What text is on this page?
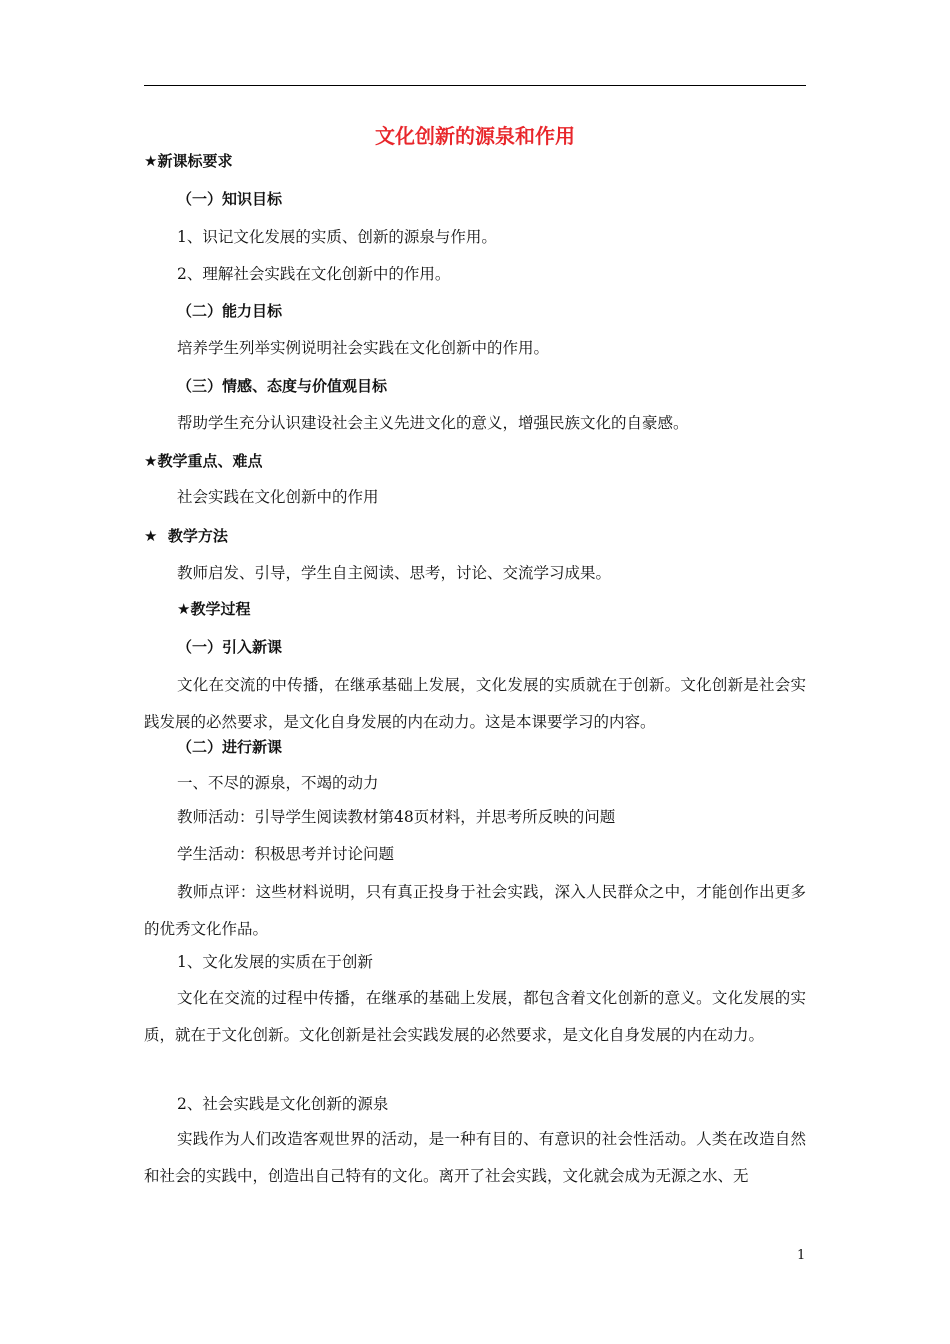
文化创新的源泉和作用
★新课标要求
（一）知识目标
1、识记文化发展的实质、创新的源泉与作用。
2、理解社会实践在文化创新中的作用。
（二）能力目标
培养学生列举实例说明社会实践在文化创新中的作用。
（三）情感、态度与价值观目标
帮助学生充分认识建设社会主义先进文化的意义，增强民族文化的自豪感。
★教学重点、难点
社会实践在文化创新中的作用
★  教学方法
教师启发、引导，学生自主阅读、思考，讨论、交流学习成果。
★教学过程
（一）引入新课
文化在交流的中传播，在继承基础上发展，文化发展的实质就在于创新。文化创新是社会实践发展的必然要求，是文化自身发展的内在动力。这是本课要学习的内容。
（二）进行新课
一、不尽的源泉，不竭的动力
教师活动：引导学生阅读教材第48页材料，并思考所反映的问题
学生活动：积极思考并讨论问题
教师点评：这些材料说明，只有真正投身于社会实践，深入人民群众之中，才能创作出更多的优秀文化作品。
1、文化发展的实质在于创新
文化在交流的过程中传播，在继承的基础上发展，都包含着文化创新的意义。文化发展的实质，就在于文化创新。文化创新是社会实践发展的必然要求，是文化自身发展的内在动力。
2、社会实践是文化创新的源泉
实践作为人们改造客观世界的活动，是一种有目的、有意识的社会性活动。人类在改造自然和社会的实践中，创造出自己特有的文化。离开了社会实践，文化就会成为无源之水、无
1
